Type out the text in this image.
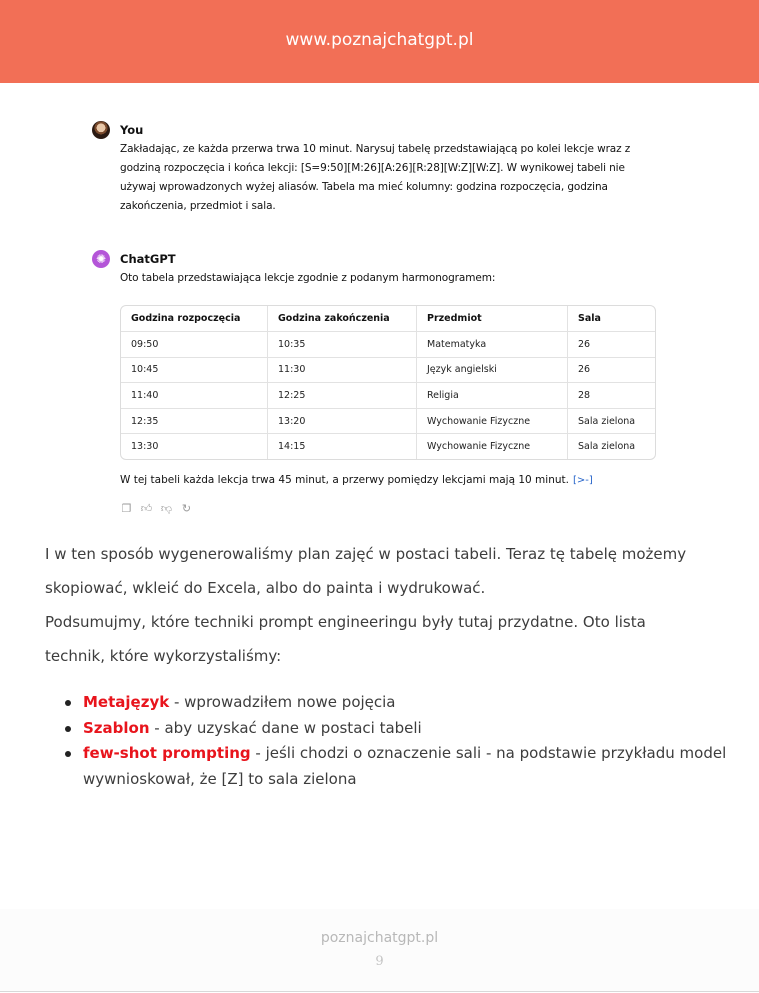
www.poznajchatgpt.pl
You
Zakładając, ze każda przerwa trwa 10 minut. Narysuj tabelę przedstawiającą po kolei lekcje wraz z
godziną rozpoczęcia i końca lekcji: [S=9:50][M:26][A:26][R:28][W:Z][W:Z]. W wynikowej tabeli nie
używaj wprowadzonych wyżej aliasów. Tabela ma mieć kolumny: godzina rozpoczęcia, godzina
zakończenia, przedmiot i sala.
✺	ChatGPT
Oto tabela przedstawiająca lekcje zgodnie z podanym harmonogramem:
Godzina rozpoczęcia	Godzina zakończenia	Przedmiot	Sala
09:50	10:35	Matematyka	26
10:45	11:30	Język angielski	26
11:40	12:25	Religia	28
12:35	13:20	Wychowanie Fizyczne	Sala zielona
13:30	14:15	Wychowanie Fizyczne	Sala zielona
W tej tabeli każda lekcja trwa 45 minut, a przerwy pomiędzy lekcjami mają 10 minut. [>-]
❐ 👍︎ 👎︎ ↻
I w ten sposób wygenerowaliśmy plan zajęć w postaci tabeli. Teraz tę tabelę możemy
skopiować, wkleić do Excela, albo do painta i wydrukować.
Podsumujmy, które techniki prompt engineeringu były tutaj przydatne. Oto lista
technik, które wykorzystaliśmy:
Metajęzyk - wprowadziłem nowe pojęcia
Szablon - aby uzyskać dane w postaci tabeli
few-shot prompting - jeśli chodzi o oznaczenie sali - na podstawie przykładu model wywnioskował, że [Z] to sala zielona
poznajchatgpt.pl
9
